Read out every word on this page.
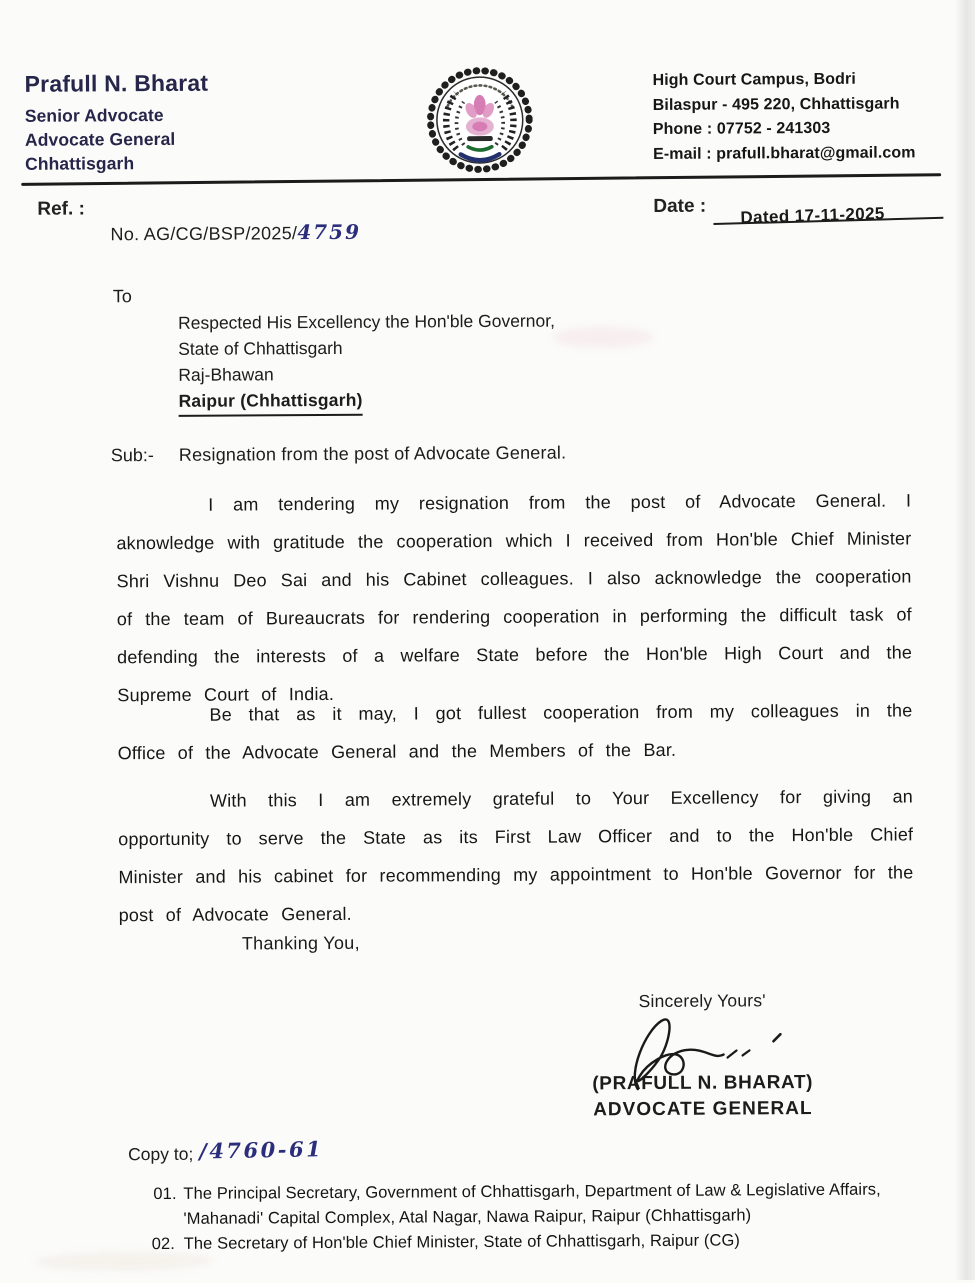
Prafull N. Bharat
Senior Advocate
Advocate General
Chhattisgarh
High Court Campus, Bodri
Bilaspur - 495 220, Chhattisgarh
Phone : 07752 - 241303
E-mail : prafull.bharat@gmail.com
Ref. :
No. AG/CG/BSP/2025/4759
Date : Dated 17-11-2025
To
Respected His Excellency the Hon'ble Governor,
State of Chhattisgarh
Raj-Bhawan
Raipur (Chhattisgarh)
Sub:- Resignation from the post of Advocate General.
I am tendering my resignation from the post of Advocate General. I aknowledge with gratitude the cooperation which I received from Hon'ble Chief Minister Shri Vishnu Deo Sai and his Cabinet colleagues. I also acknowledge the cooperation of the team of Bureaucrats for rendering cooperation in performing the difficult task of defending the interests of a welfare State before the Hon'ble High Court and the Supreme Court of India.
Be that as it may, I got fullest cooperation from my colleagues in the Office of the Advocate General and the Members of the Bar.
With this I am extremely grateful to Your Excellency for giving an opportunity to serve the State as its First Law Officer and to the Hon'ble Chief Minister and his cabinet for recommending my appointment to Hon'ble Governor for the post of Advocate General.
Thanking You,
Sincerely Yours'
(PRAFULL N. BHARAT)
ADVOCATE GENERAL
Copy to; /4760-61
01. The Principal Secretary, Government of Chhattisgarh, Department of Law & Legislative Affairs, 'Mahanadi' Capital Complex, Atal Nagar, Nawa Raipur, Raipur (Chhattisgarh)
02. The Secretary of Hon'ble Chief Minister, State of Chhattisgarh, Raipur (CG)
